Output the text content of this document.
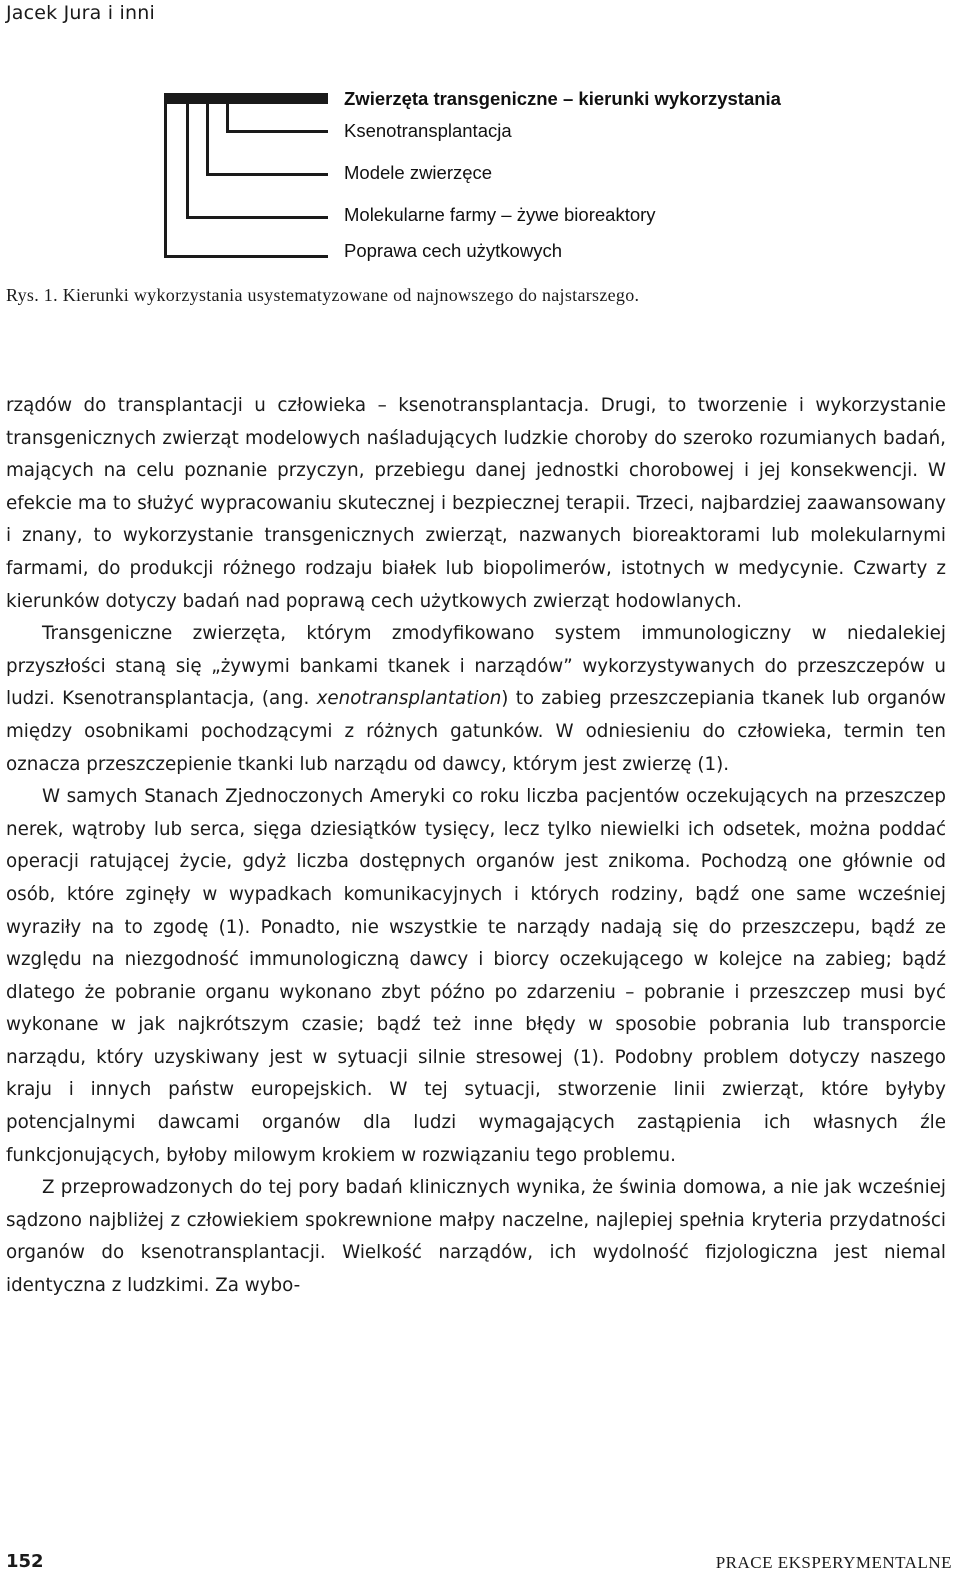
Jacek Jura i inni
Zwierzęta transgeniczne – kierunki wykorzystania
Ksenotransplantacja
Modele zwierzęce
Molekularne farmy – żywe bioreaktory
Poprawa cech użytkowych
Rys. 1. Kierunki wykorzystania usystematyzowane od najnowszego do najstarszego.

rządów do transplantacji u człowieka – ksenotransplantacja. Drugi, to tworzenie i wykorzystanie transgenicznych zwierząt modelowych naśladujących ludzkie choroby do szeroko rozumianych badań, mających na celu poznanie przyczyn, przebiegu danej jednostki chorobowej i jej konsekwencji. W efekcie ma to służyć wypracowaniu skutecznej i bezpiecznej terapii. Trzeci, najbardziej zaawansowany i znany, to wykorzystanie transgenicznych zwierząt, nazwanych bioreaktorami lub molekularnymi farmami, do produkcji różnego rodzaju białek lub biopolimerów, istotnych w medycynie. Czwarty z kierunków dotyczy badań nad poprawą cech użytkowych zwierząt hodowlanych.

Transgeniczne zwierzęta, którym zmodyfikowano system immunologiczny w niedalekiej przyszłości staną się „żywymi bankami tkanek i narządów” wykorzystywanych do przeszczepów u ludzi. Ksenotransplantacja, (ang. xenotransplantation) to zabieg przeszczepiania tkanek lub organów między osobnikami pochodzącymi z różnych gatunków. W odniesieniu do człowieka, termin ten oznacza przeszczepienie tkanki lub narządu od dawcy, którym jest zwierzę (1).

W samych Stanach Zjednoczonych Ameryki co roku liczba pacjentów oczekujących na przeszczep nerek, wątroby lub serca, sięga dziesiątków tysięcy, lecz tylko niewielki ich odsetek, można poddać operacji ratującej życie, gdyż liczba dostępnych organów jest znikoma. Pochodzą one głównie od osób, które zginęły w wypadkach komunikacyjnych i których rodziny, bądź one same wcześniej wyraziły na to zgodę (1). Ponadto, nie wszystkie te narządy nadają się do przeszczepu, bądź ze względu na niezgodność immunologiczną dawcy i biorcy oczekującego w kolejce na zabieg; bądź dlatego że pobranie organu wykonano zbyt późno po zdarzeniu – pobranie i przeszczep musi być wykonane w jak najkrótszym czasie; bądź też inne błędy w sposobie pobrania lub transporcie narządu, który uzyskiwany jest w sytuacji silnie stresowej (1). Podobny problem dotyczy naszego kraju i innych państw europejskich. W tej sytuacji, stworzenie linii zwierząt, które byłyby potencjalnymi dawcami organów dla ludzi wymagających zastąpienia ich własnych źle funkcjonujących, byłoby milowym krokiem w rozwiązaniu tego problemu.

Z przeprowadzonych do tej pory badań klinicznych wynika, że świnia domowa, a nie jak wcześniej sądzono najbliżej z człowiekiem spokrewnione małpy naczelne, najlepiej spełnia kryteria przydatności organów do ksenotransplantacji. Wielkość narządów, ich wydolność fizjologiczna jest niemal identyczna z ludzkimi. Za wybo-

152	PRACE EKSPERYMENTALNE
